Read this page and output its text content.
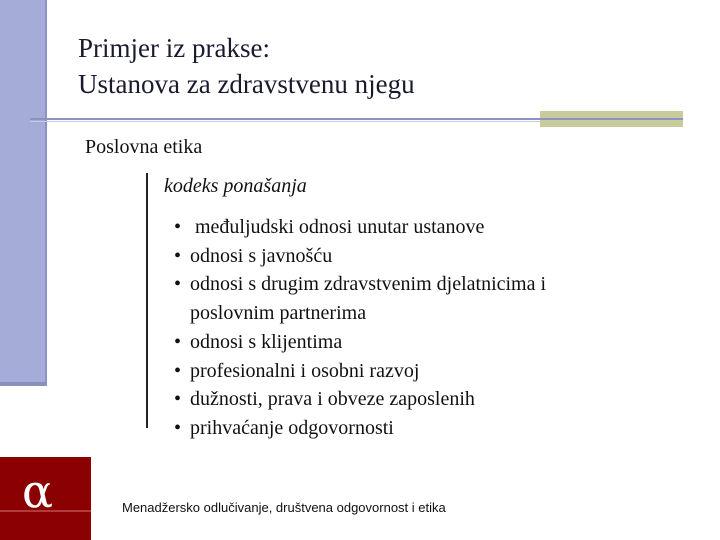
Primjer iz prakse:
Ustanova za zdravstvenu njegu
Poslovna etika
kodeks ponašanja
• međuljudski odnosi unutar ustanove
• odnosi s javnošću
• odnosi s drugim zdravstvenim djelatnicima i
poslovnim partnerima
• odnosi s klijentima
• profesionalni i osobni razvoj
• dužnosti, prava i obveze zaposlenih
• prihvaćanje odgovornosti
α	Menadžersko odlučivanje, društvena odgovornost i etika
